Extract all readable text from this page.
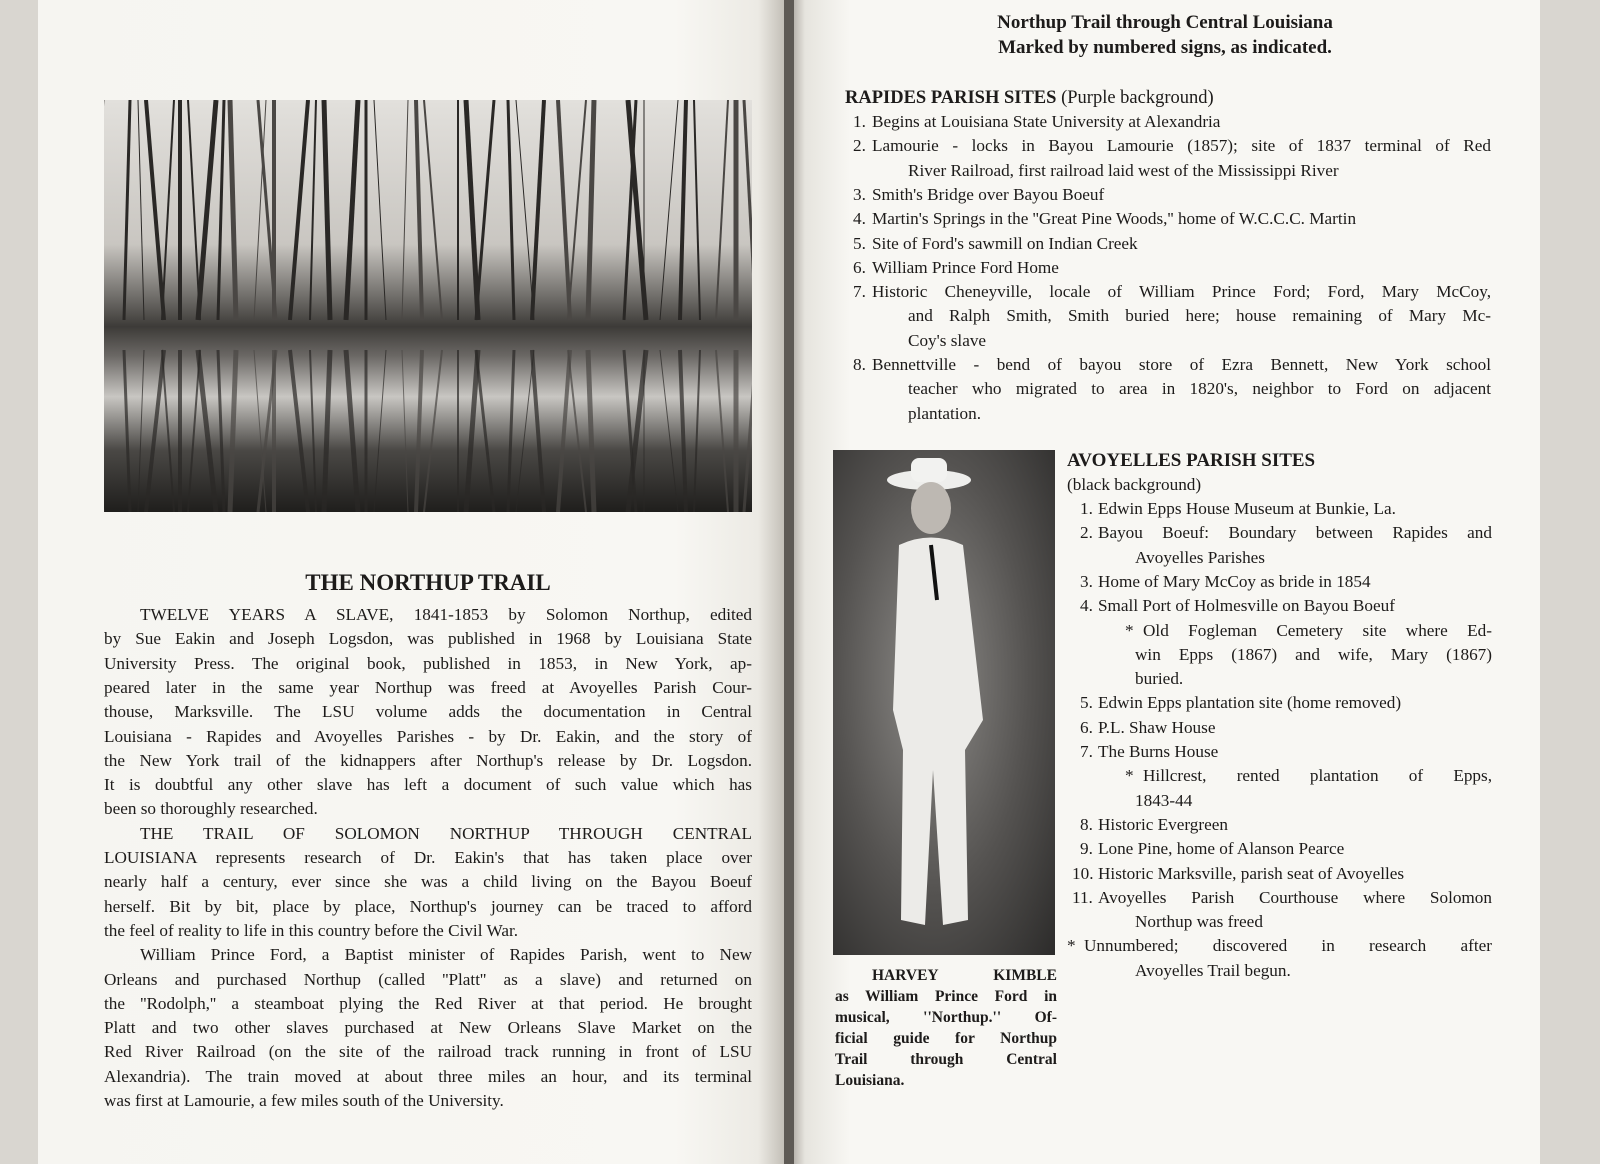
THE NORTHUP TRAIL
Northup Trail through Central Louisiana
Marked by numbered signs, as indicated.
RAPIDES PARISH SITES (Purple background)
AVOYELLES PARISH SITES
(black background)
TWELVE YEARS A SLAVE, 1841-1853 by Solomon Northup, edited
by Sue Eakin and Joseph Logsdon, was published in 1968 by Louisiana State
University Press. The original book, published in 1853, in New York, ap-
peared later in the same year Northup was freed at Avoyelles Parish Cour-
thouse, Marksville. The LSU volume adds the documentation in Central
Louisiana - Rapides and Avoyelles Parishes - by Dr. Eakin, and the story of
the New York trail of the kidnappers after Northup's release by Dr. Logsdon.
It is doubtful any other slave has left a document of such value which has
been so thoroughly researched.
THE TRAIL OF SOLOMON NORTHUP THROUGH CENTRAL
LOUISIANA represents research of Dr. Eakin's that has taken place over
nearly half a century, ever since she was a child living on the Bayou Boeuf
herself. Bit by bit, place by place, Northup's journey can be traced to afford
the feel of reality to life in this country before the Civil War.
William Prince Ford, a Baptist minister of Rapides Parish, went to New
Orleans and purchased Northup (called ''Platt'' as a slave) and returned on
the ''Rodolph,'' a steamboat plying the Red River at that period. He brought
Platt and two other slaves purchased at New Orleans Slave Market on the
Red River Railroad (on the site of the railroad track running in front of LSU
Alexandria). The train moved at about three miles an hour, and its terminal
was first at Lamourie, a few miles south of the University.
1. Begins at Louisiana State University at Alexandria
2. Lamourie - locks in Bayou Lamourie (1857); site of 1837 terminal of Red
River Railroad, first railroad laid west of the Mississippi River
3. Smith's Bridge over Bayou Boeuf
4. Martin's Springs in the ''Great Pine Woods,'' home of W.C.C.C. Martin
5. Site of Ford's sawmill on Indian Creek
6. William Prince Ford Home
7. Historic Cheneyville, locale of William Prince Ford; Ford, Mary McCoy,
and Ralph Smith, Smith buried here; house remaining of Mary Mc-
Coy's slave
8. Bennettville - bend of bayou store of Ezra Bennett, New York school
teacher who migrated to area in 1820's, neighbor to Ford on adjacent
plantation.
1. Edwin Epps House Museum at Bunkie, La.
2. Bayou Boeuf: Boundary between Rapides and
Avoyelles Parishes
3. Home of Mary McCoy as bride in 1854
4. Small Port of Holmesville on Bayou Boeuf
* Old Fogleman Cemetery site where Ed-
win Epps (1867) and wife, Mary (1867)
buried.
5. Edwin Epps plantation site (home removed)
6. P.L. Shaw House
7. The Burns House
* Hillcrest, rented plantation of Epps,
1843-44
8. Historic Evergreen
9. Lone Pine, home of Alanson Pearce
10. Historic Marksville, parish seat of Avoyelles
11. Avoyelles Parish Courthouse where Solomon
Northup was freed
* Unnumbered; discovered in research after
Avoyelles Trail begun.
HARVEY KIMBLE
as William Prince Ford in
musical, ''Northup.'' Of-
ficial guide for Northup
Trail through Central
Louisiana.
